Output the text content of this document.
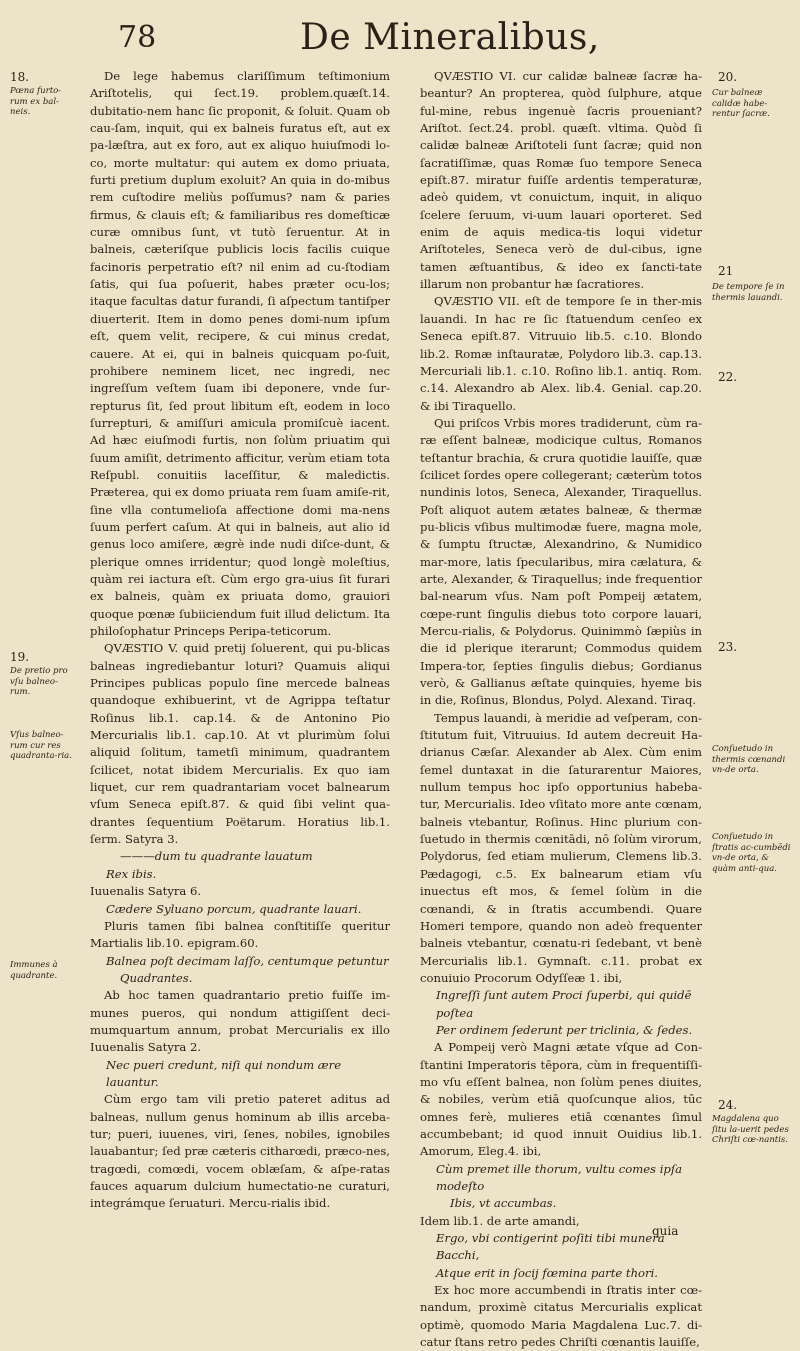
78	De Mineralibus,
18.
Pœna furto-rum ex bal-neis.
19.
De pretio pro vſu balneo-rum.
Vſus balneo-rum cur res quadranta-ria.
Immunes à quadrante.

De lege habemus clariſſimum teſtimonium Ariſtotelis, qui ſect.19. problem.quæſt.14. dubitatio-nem hanc ſic proponit, & ſoluit. Quam ob cau-ſam, inquit, qui ex balneis furatus eſt, aut ex pa-læſtra, aut ex foro, aut ex aliquo huiuſmodi lo-co, morte multatur: qui autem ex domo priuata, furti pretium duplum exoluit? An quia in do-mibus rem cuſtodire meliùs poſſumus? nam & paries firmus, & clauis eſt; & familiaribus res domeſticæ curæ omnibus ſunt, vt tutò ſeruentur. At in balneis, cæteriſque publicis locis facilis cuique facinoris perpetratio eſt? nil enim ad cu-ſtodiam ſatis, qui ſua poſuerit, habes præter ocu-los; itaque facultas datur furandi, ſi aſpectum tantiſper diuerterit. Item in domo penes domi-num ipſum eſt, quem velit, recipere, & cui minus credat, cauere. At ei, qui in balneis quicquam po-ſuit, prohibere neminem licet, nec ingredi, nec ingreſſum veſtem ſuam ibi deponere, vnde ſur-repturus ſit, ſed prout libitum eſt, eodem in loco ſurrepturi, & amiſſuri amicula promiſcuè iacent. Ad hæc eiuſmodi furtis, non ſolùm priuatim qui ſuum amiſit, detrimento afficitur, verùm etiam tota Reſpubl. conuitiis laceſſitur, & maledictis. Præterea, qui ex domo priuata rem ſuam amiſe-rit, ſine vlla contumelioſa affectione domi ma-nens ſuum perfert caſum. At qui in balneis, aut alio id genus loco amiſere, ægrè inde nudi diſce-dunt, & plerique omnes irridentur; quod longè moleſtius, quàm rei iactura eſt. Cùm ergo gra-uius ſit furari ex balneis, quàm ex priuata domo, grauiori quoque pœnæ ſubiiciendum fuit illud delictum. Ita philoſophatur Princeps Peripa-teticorum.

QVÆSTIO V. quid pretij ſoluerent, qui pu-blicas balneas ingrediebantur loturi? Quamuis aliqui Principes publicas populo ſine mercede balneas quandoque exhibuerint, vt de Agrippa teſtatur Roſinus lib.1. cap.14. & de Antonino Pio Mercurialis lib.1. cap.10. At vt plurimùm ſolui aliquid ſolitum, tametſi minimum, quadrantem ſcilicet, notat ibidem Mercurialis. Ex quo iam liquet, cur rem quadrantariam vocet balnearum vſum Seneca epiſt.87. & quid ſibi velint qua-drantes ſequentium Poëtarum. Horatius lib.1. ſerm. Satyra 3.

———dum tu quadrante lauatum

Rex ibis.

Iuuenalis Satyra 6.

Cædere Syluano porcum, quadrante lauari.

Pluris tamen ſibi balnea conſtitiſſe queritur Martialis lib.10. epigram.60.

Balnea poſt decimam laſſo, centumque petuntur

Quadrantes.

Ab hoc tamen quadrantario pretio fuiſſe im-munes pueros, qui nondum attigiſſent deci-mumquartum annum, probat Mercurialis ex illo Iuuenalis Satyra 2.

Nec pueri credunt, niſi qui nondum ære lauantur.

Cùm ergo tam vili pretio pateret aditus ad balneas, nullum genus hominum ab illis arceba-tur; pueri, iuuenes, viri, ſenes, nobiles, ignobiles lauabantur; ſed præ cæteris citharœdi, præco-nes, tragœdi, comœdi, vocem oblæſam, & aſpe-ratas fauces aquarum dulcium humectatio-ne curaturi, integrámque ſeruaturi. Mercu-rialis ibid.

QVÆSTIO VI. cur calidæ balneæ ſacræ ha-beantur? An propterea, quòd ſulphure, atque ful-mine, rebus ingenuè ſacris proueniant? Ariſtot. ſect.24. probl. quæſt. vltima. Quòd ſi calidæ balneæ Ariſtoteli ſunt ſacræ; quid non ſacratiſſimæ, quas Romæ ſuo tempore Seneca epiſt.87. miratur fuiſſe ardentis temperaturæ, adeò quidem, vt conuictum, inquit, in aliquo ſcelere ſeruum, vi-uum lauari oporteret. Sed enim de aquis medica-tis loqui videtur Ariſtoteles, Seneca verò de dul-cibus, igne tamen æſtuantibus, & ideo ex ſancti-tate illarum non probantur hæ ſacratiores.

QVÆSTIO VII. eſt de tempore ſe in ther-mis lauandi. In hac re ſic ſtatuendum cenſeo ex Seneca epiſt.87. Vitruuio lib.5. c.10. Blondo lib.2. Romæ inſtauratæ, Polydoro lib.3. cap.13. Mercuriali lib.1. c.10. Roſino lib.1. antiq. Rom. c.14. Alexandro ab Alex. lib.4. Genial. cap.20. & ibi Tiraquello.

Qui priſcos Vrbis mores tradiderunt, cùm ra-ræ eſſent balneæ, modicique cultus, Romanos teſtantur brachia, & crura quotidie lauiſſe, quæ ſcilicet ſordes opere collegerant; cæterùm totos nundinis lotos, Seneca, Alexander, Tiraquellus. Poſt aliquot autem ætates balneæ, & thermæ pu-blicis vſibus multimodæ fuere, magna mole, & ſumptu ſtructæ, Alexandrino, & Numidico mar-more, latis ſpecularibus, mira cælatura, & arte, Alexander, & Tiraquellus; inde frequentior bal-nearum vſus. Nam poſt Pompeij ætatem, cœpe-runt ſingulis diebus toto corpore lauari, Mercu-rialis, & Polydorus. Quinimmò ſæpiùs in die id plerique iterarunt; Commodus quidem Impera-tor, ſepties ſingulis diebus; Gordianus verò, & Gallianus æſtate quinquies, hyeme bis in die, Roſinus, Blondus, Polyd. Alexand. Tiraq.

Tempus lauandi, à meridie ad veſperam, con-ſtitutum fuit, Vitruuius. Id autem decreuit Ha-drianus Cæſar. Alexander ab Alex. Cùm enim ſemel duntaxat in die ſaturarentur Maiores, nullum tempus hoc ipſo opportunius habeba-tur, Mercurialis. Ideo vſitato more ante cœnam, balneis vtebantur, Roſinus. Hinc plurium con-ſuetudo in thermis cœnitādi, nō ſolùm virorum, Polydorus, ſed etiam mulierum, Clemens lib.3. Pædagogi, c.5. Ex balnearum etiam vſu inuectus eſt mos, & ſemel ſolùm in die cœnandi, & in ſtratis accumbendi. Quare Homeri tempore, quando non adeò frequenter balneis vtebantur, cœnatu-ri ſedebant, vt benè Mercurialis lib.1. Gymnaſt. c.11. probat ex conuiuio Procorum Odyſſeæ 1. ibi,

Ingreſſi ſunt autem Proci ſuperbi, qui quidē poſtea

Per ordinem ſederunt per triclinia, & ſedes.

A Pompeij verò Magni ætate vſque ad Con-ſtantini Imperatoris tēpora, cùm in frequentiſſi-mo vſu eſſent balnea, non ſolùm penes diuites, & nobiles, verùm etiā quoſcunque alios, tūc omnes ferè, mulieres etiā cœnantes ſimul accumbebant; id quod innuit Ouidius lib.1. Amorum, Eleg.4. ibi,

Cùm premet ille thorum, vultu comes ipſa modeſto

Ibis, vt accumbas.

Idem lib.1. de arte amandi,

Ergo, vbi contigerint poſiti tibi munera Bacchi,

Atque erit in ſocij fœmina parte thori.

Ex hoc more accumbendi in ſtratis inter cœ-nandum, proximè citatus Mercurialis explicat optimè, quomodo Maria Magdalena Luc.7. di-catur ſtans retro pedes Chriſti cœnantis lauiſſe,

20.
Cur balneæ calidæ habe-rentur ſacræ.
21
De tempore ſe in thermis lauandi.
22.
23.
Conſuetudo in thermis cœnandi vn-de orta.
Conſuetudo in ſtratis ac-cumbēdi vn-de orta, & quàm anti-qua.
24.
Magdalena quo ſitu la-uerit pedes Chriſti cœ-nantis.
quia
